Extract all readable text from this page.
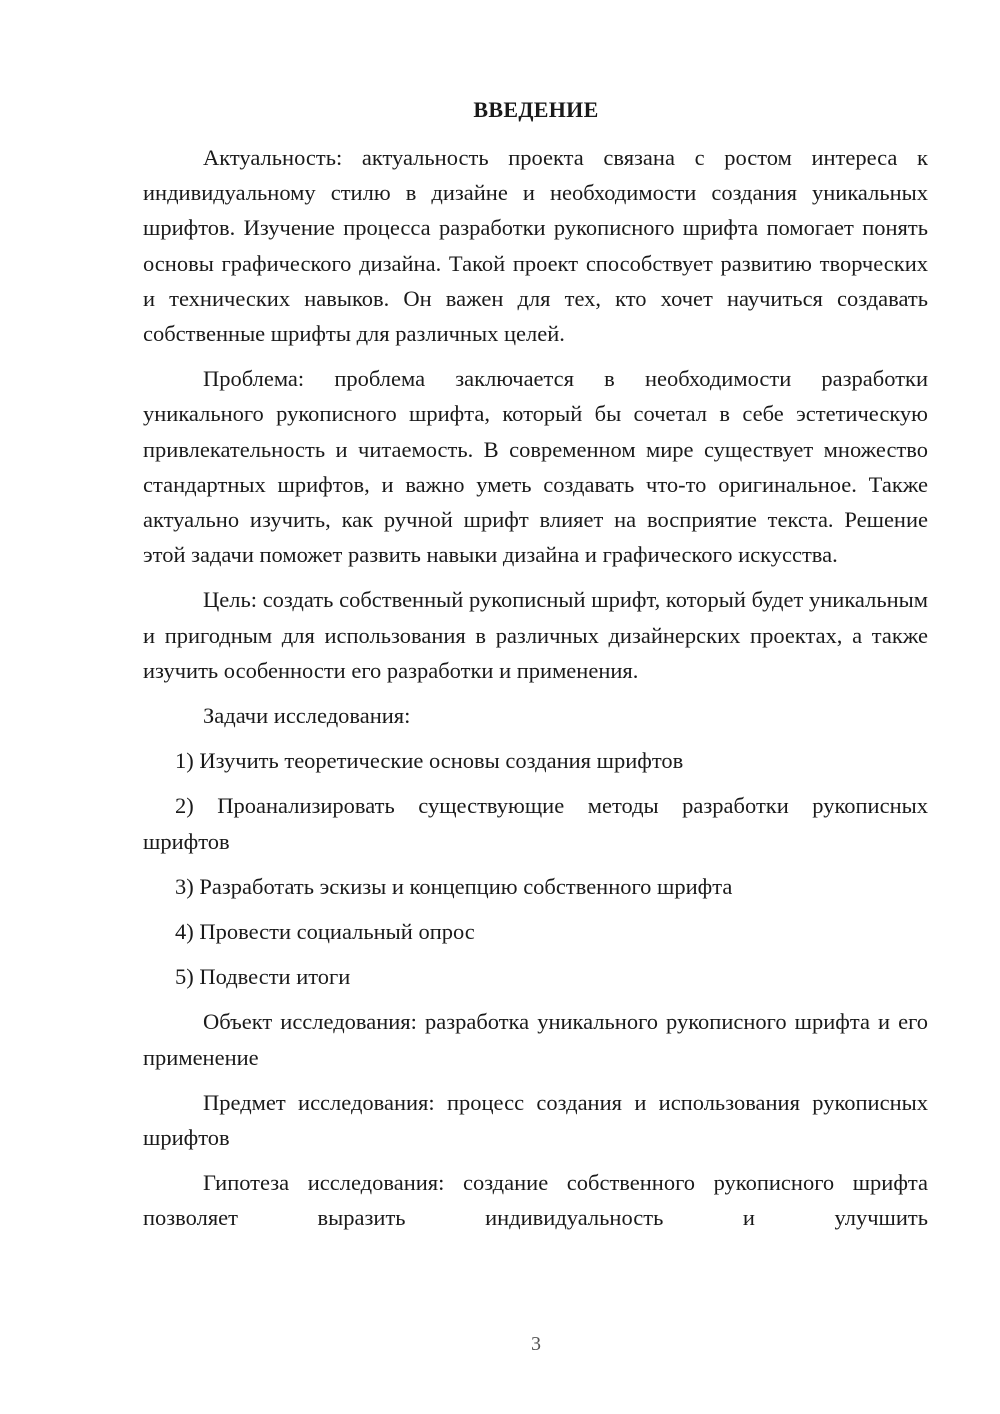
ВВЕДЕНИЕ

Актуальность: актуальность проекта связана с ростом интереса к индивидуальному стилю в дизайне и необходимости создания уникальных шрифтов. Изучение процесса разработки рукописного шрифта помогает понять основы графического дизайна. Такой проект способствует развитию творческих и технических навыков. Он важен для тех, кто хочет научиться создавать собственные шрифты для различных целей.

Проблема: проблема заключается в необходимости разработки уникального рукописного шрифта, который бы сочетал в себе эстетическую привлекательность и читаемость. В современном мире существует множество стандартных шрифтов, и важно уметь создавать что-то оригинальное. Также актуально изучить, как ручной шрифт влияет на восприятие текста. Решение этой задачи поможет развить навыки дизайна и графического искусства.

Цель: создать собственный рукописный шрифт, который будет уникальным и пригодным для использования в различных дизайнерских проектах, а также изучить особенности его разработки и применения.

Задачи исследования:

1) Изучить теоретические основы создания шрифтов

2) Проанализировать существующие методы разработки рукописных шрифтов

3) Разработать эскизы и концепцию собственного шрифта

4) Провести социальный опрос

5) Подвести итоги

Объект исследования: разработка уникального рукописного шрифта и его применение

Предмет исследования: процесс создания и использования рукописных шрифтов

Гипотеза исследования: создание собственного рукописного шрифта позволяет выразить индивидуальность и улучшить

3
